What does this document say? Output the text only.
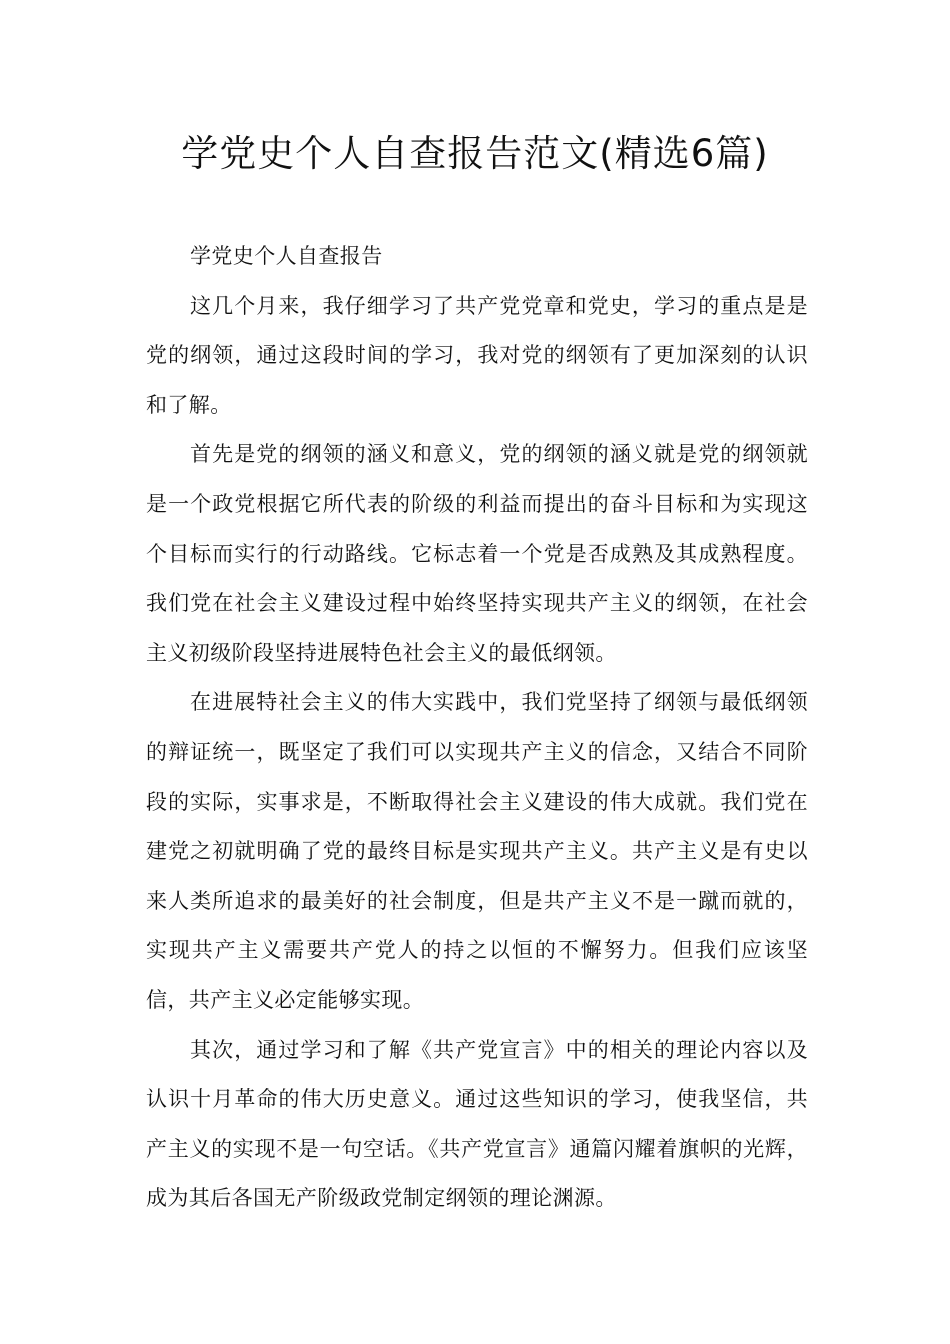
学党史个人自查报告范文(精选6篇)

学党史个人自查报告

这几个月来，我仔细学习了共产党党章和党史，学习的重点是是党的纲领，通过这段时间的学习，我对党的纲领有了更加深刻的认识和了解。

首先是党的纲领的涵义和意义，党的纲领的涵义就是党的纲领就是一个政党根据它所代表的阶级的利益而提出的奋斗目标和为实现这个目标而实行的行动路线。它标志着一个党是否成熟及其成熟程度。我们党在社会主义建设过程中始终坚持实现共产主义的纲领，在社会主义初级阶段坚持进展特色社会主义的最低纲领。

在进展特社会主义的伟大实践中，我们党坚持了纲领与最低纲领的辩证统一，既坚定了我们可以实现共产主义的信念，又结合不同阶段的实际，实事求是，不断取得社会主义建设的伟大成就。我们党在建党之初就明确了党的最终目标是实现共产主义。共产主义是有史以来人类所追求的最美好的社会制度，但是共产主义不是一蹴而就的，实现共产主义需要共产党人的持之以恒的不懈努力。但我们应该坚信，共产主义必定能够实现。

其次，通过学习和了解《共产党宣言》中的相关的理论内容以及认识十月革命的伟大历史意义。通过这些知识的学习，使我坚信，共产主义的实现不是一句空话。《共产党宣言》通篇闪耀着旗帜的光辉，成为其后各国无产阶级政党制定纲领的理论渊源。
